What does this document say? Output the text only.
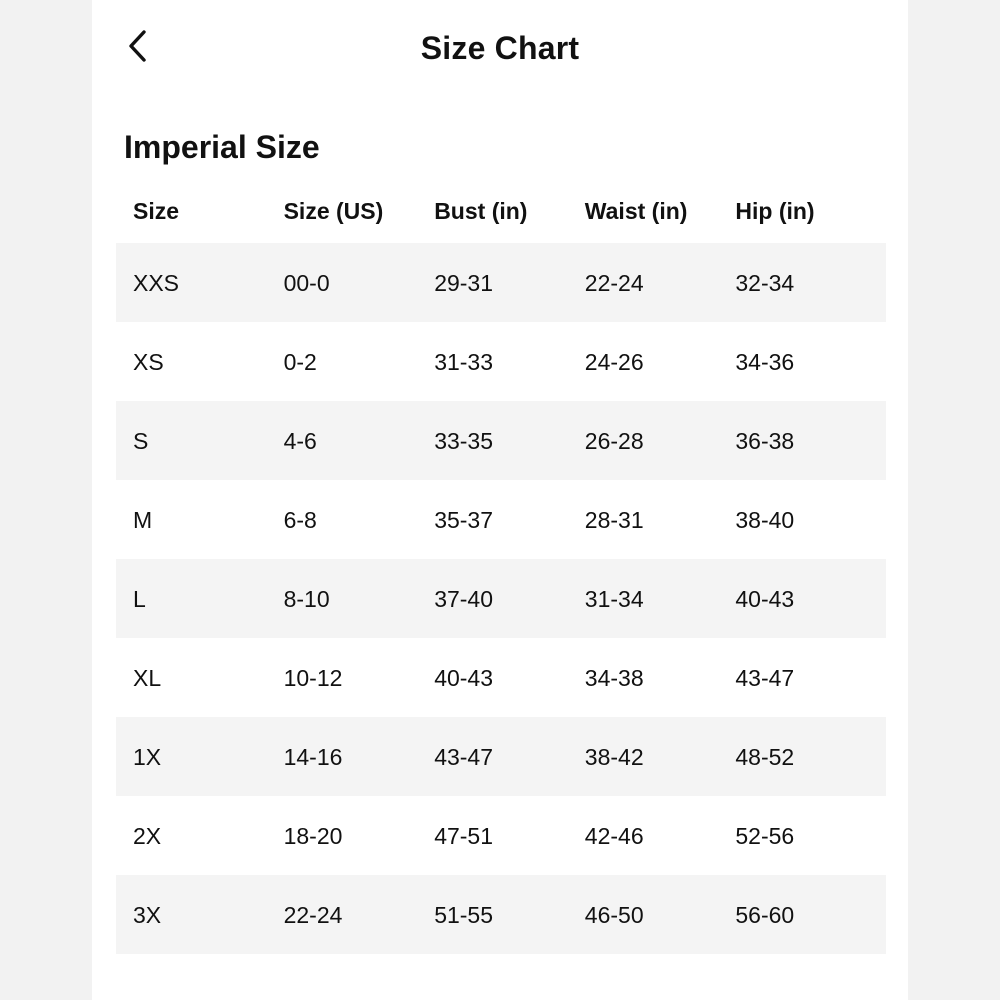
Size Chart
Imperial Size
Size	Size (US)	Bust (in)	Waist (in)	Hip (in)
XXS	00-0	29-31	22-24	32-34
XS	0-2	31-33	24-26	34-36
S	4-6	33-35	26-28	36-38
M	6-8	35-37	28-31	38-40
L	8-10	37-40	31-34	40-43
XL	10-12	40-43	34-38	43-47
1X	14-16	43-47	38-42	48-52
2X	18-20	47-51	42-46	52-56
3X	22-24	51-55	46-50	56-60
